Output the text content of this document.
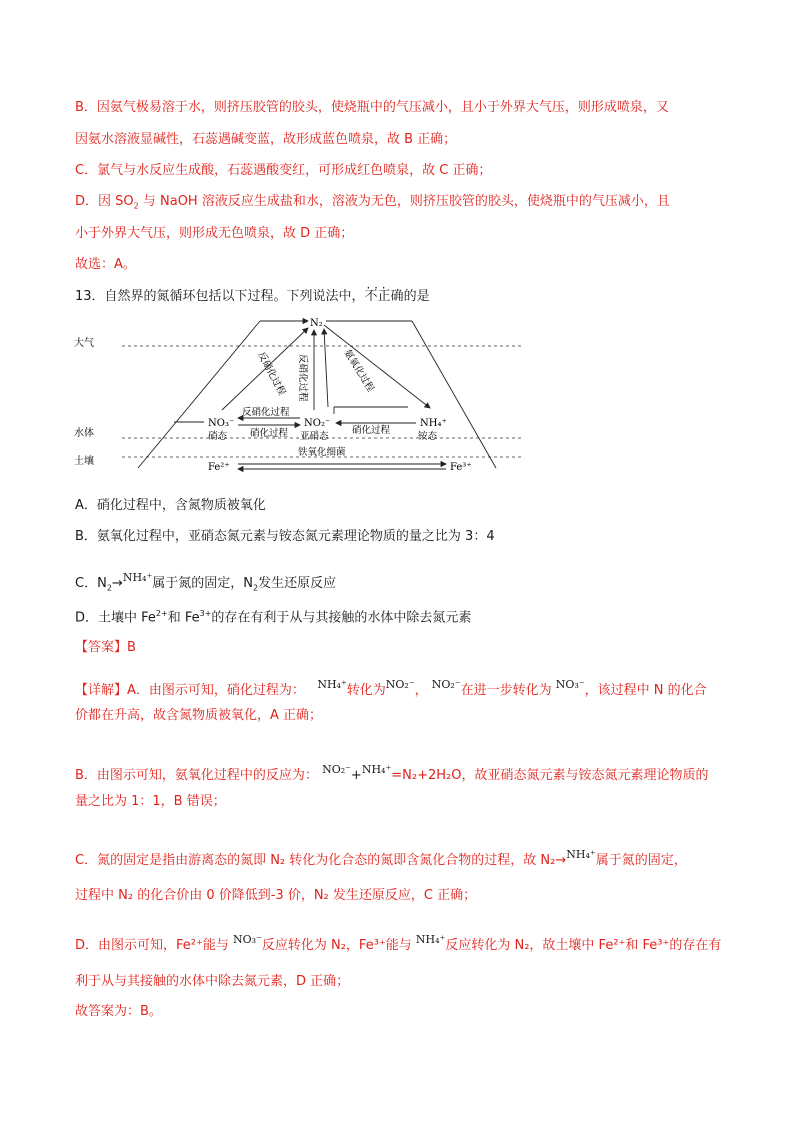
B．因氨气极易溶于水，则挤压胶管的胶头，使烧瓶中的气压减小，且小于外界大气压，则形成喷泉，又
因氨水溶液显碱性，石蕊遇碱变蓝，故形成蓝色喷泉，故 B 正确；
C．氯气与水反应生成酸，石蕊遇酸变红，可形成红色喷泉，故 C 正确；
D．因 $SO_2$ 与 NaOH 溶液反应生成盐和水，溶液为无色，则挤压胶管的胶头，使烧瓶中的气压减小，且
小于外界大气压，则形成无色喷泉，故 D 正确；
故选：A。
13．自然界的氮循环包括以下过程。下列说法中，· · · 不正确的是
大气
水体
土壤
N₂
反硝化过程 反硝化过程	氨氧化过程
NO₃⁻
硝态
NO₂⁻
亚硝态
NH₄⁺
铵态
反硝化过程
硝化过程	硝化过程
铁氧化细菌
Fe²⁺	Fe³⁺
A．硝化过程中，含氮物质被氧化
B．氨氧化过程中，亚硝态氮元素与铵态氮元素理论物质的量之比为 3：4
C．$N_2\to NH_4^+$属于氮的固定，$N_2$发生还原反应
D．土壤中 $Fe^{2+}$和 $Fe^{3+}$的存在有利于从与其接触的水体中除去氮元素
【答案】B
【详解】A．由图示可知，硝化过程为： NH₄⁺转化为NO₂⁻， NO₂⁻在进一步转化为 NO₃⁻，该过程中 N 的化合
价都在升高，故含氮物质被氧化，A 正确；
B．由图示可知，氨氧化过程中的反应为： NO₂⁻+NH₄⁺=N₂+2H₂O，故亚硝态氮元素与铵态氮元素理论物质的
量之比为 1：1，B 错误；
C．氮的固定是指由游离态的氮即 N₂ 转化为化合态的氮即含氮化合物的过程，故 N₂→NH₄⁺属于氮的固定，
过程中 N₂ 的化合价由 0 价降低到-3 价，N₂ 发生还原反应，C 正确；
D．由图示可知，Fe²⁺能与 NO₃⁻反应转化为 N₂，Fe³⁺能与 NH₄⁺反应转化为 N₂，故土壤中 Fe²⁺和 Fe³⁺的存在有
利于从与其接触的水体中除去氮元素，D 正确；
故答案为：B。
